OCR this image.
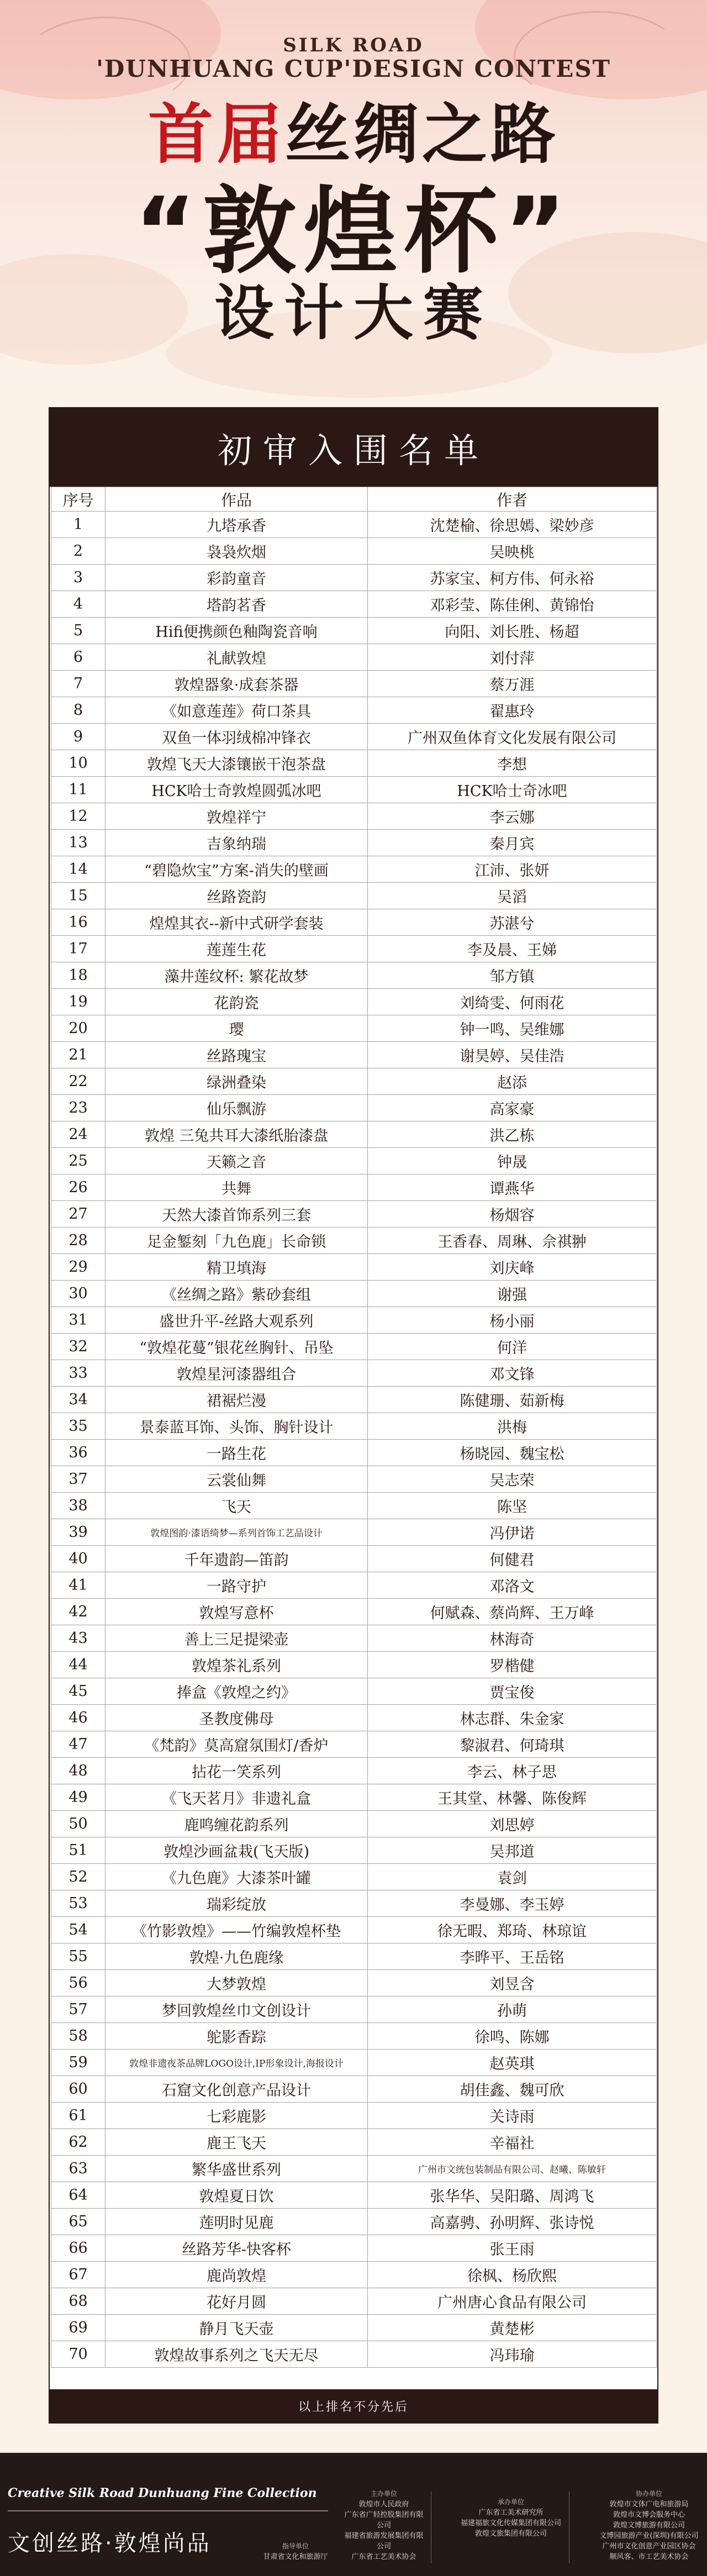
SILK ROAD
'DUNHUANG CUP'DESIGN CONTEST
首届丝绸之路
“敦煌杯”
设计大赛
初审入围名单
序号	作品	作者
1	九塔承香	沈楚榆、徐思嫣、梁妙彦
2	袅袅炊烟	吴映桃
3	彩韵童音	苏家宝、柯方伟、何永裕
4	塔韵茗香	邓彩莹、陈佳俐、黄锦怡
5	Hifi便携颜色釉陶瓷音响	向阳、刘长胜、杨超
6	礼献敦煌	刘付萍
7	敦煌器象·成套茶器	蔡万涯
8	《如意莲莲》荷口茶具	翟惠玲
9	双鱼一体羽绒棉冲锋衣	广州双鱼体育文化发展有限公司
10	敦煌飞天大漆镶嵌干泡茶盘	李想
11	HCK哈士奇敦煌圆弧冰吧	HCK哈士奇冰吧
12	敦煌祥宁	李云娜
13	吉象纳瑞	秦月宾
14	“碧隐炊宝”方案-消失的壁画	江沛、张妍
15	丝路瓷韵	吴滔
16	煌煌其衣--新中式研学套装	苏湛兮
17	莲莲生花	李及晨、王娣
18	藻井莲纹杯: 繁花故梦	邹方镇
19	花韵瓷	刘绮雯、何雨花
20	璎	钟一鸣、吴维娜
21	丝路瑰宝	谢昊婷、吴佳浩
22	绿洲叠染	赵添
23	仙乐飘游	高家豪
24	敦煌 三兔共耳大漆纸胎漆盘	洪乙栋
25	天籁之音	钟晟
26	共舞	谭燕华
27	天然大漆首饰系列三套	杨烟容
28	足金錾刻「九色鹿」长命锁	王香春、周琳、佘祺翀
29	精卫填海	刘庆峰
30	《丝绸之路》紫砂套组	谢强
31	盛世升平-丝路大观系列	杨小丽
32	“敦煌花蔓”银花丝胸针、吊坠	何洋
33	敦煌星河漆器组合	邓文锋
34	裙裾烂漫	陈健珊、茹新梅
35	景泰蓝耳饰、头饰、胸针设计	洪梅
36	一路生花	杨晓园、魏宝松
37	云裳仙舞	吴志荣
38	飞天	陈坚
39	敦煌图韵·漆语绮梦—系列首饰工艺品设计	冯伊诺
40	千年遗韵—笛韵	何健君
41	一路守护	邓洛文
42	敦煌写意杯	何赋森、蔡尚辉、王万峰
43	善上三足提梁壶	林海奇
44	敦煌茶礼系列	罗楷健
45	捧盒《敦煌之约》	贾宝俊
46	圣教度佛母	林志群、朱金家
47	《梵韵》莫高窟氛围灯/香炉	黎淑君、何琦琪
48	拈花一笑系列	李云、林子思
49	《飞天茗月》非遗礼盒	王其堂、林馨、陈俊辉
50	鹿鸣缠花韵系列	刘思婷
51	敦煌沙画盆栽(飞天版)	吴邦道
52	《九色鹿》大漆茶叶罐	袁剑
53	瑞彩绽放	李曼娜、李玉婷
54	《竹影敦煌》——竹编敦煌杯垫	徐无暇、郑琦、林琼谊
55	敦煌·九色鹿缘	李晔平、王岳铭
56	大梦敦煌	刘昱含
57	梦回敦煌丝巾文创设计	孙萌
58	鸵影香踪	徐鸣、陈娜
59	敦煌非遗夜茶品牌LOGO设计,IP形象设计,海报设计	赵英琪
60	石窟文化创意产品设计	胡佳鑫、魏可欣
61	七彩鹿影	关诗雨
62	鹿王飞天	辛福社
63	繁华盛世系列	广州市文统包装制品有限公司、赵曦、陈敏轩
64	敦煌夏日饮	张华华、吴阳璐、周鸿飞
65	莲明时见鹿	高嘉骋、孙明辉、张诗悦
66	丝路芳华-快客杯	张王雨
67	鹿尚敦煌	徐枫、杨欣熙
68	花好月圆	广州唐心食品有限公司
69	静月飞天壶	黄楚彬
70	敦煌故事系列之飞天无尽	冯玮瑜
以上排名不分先后
Creative Silk Road Dunhuang Fine Collection
文创丝路·敦煌尚品	指导单位
甘肃省文化和旅游厅
主办单位
敦煌市人民政府
广东省广轻控股集团有限公司
福建省旅游发展集团有限公司
广东省工艺美术协会
承办单位
广东省工美术研究所
福建福旅文化传媒集团有限公司
敦煌文旅集团有限公司
协办单位
敦煌市文体广电和旅游局
敦煌市文博会服务中心
敦煌文博旅游有限公司
文博园旅游产业(深圳)有限公司
广州市文化创意产业园区协会
顺风客、市工艺美术协会
